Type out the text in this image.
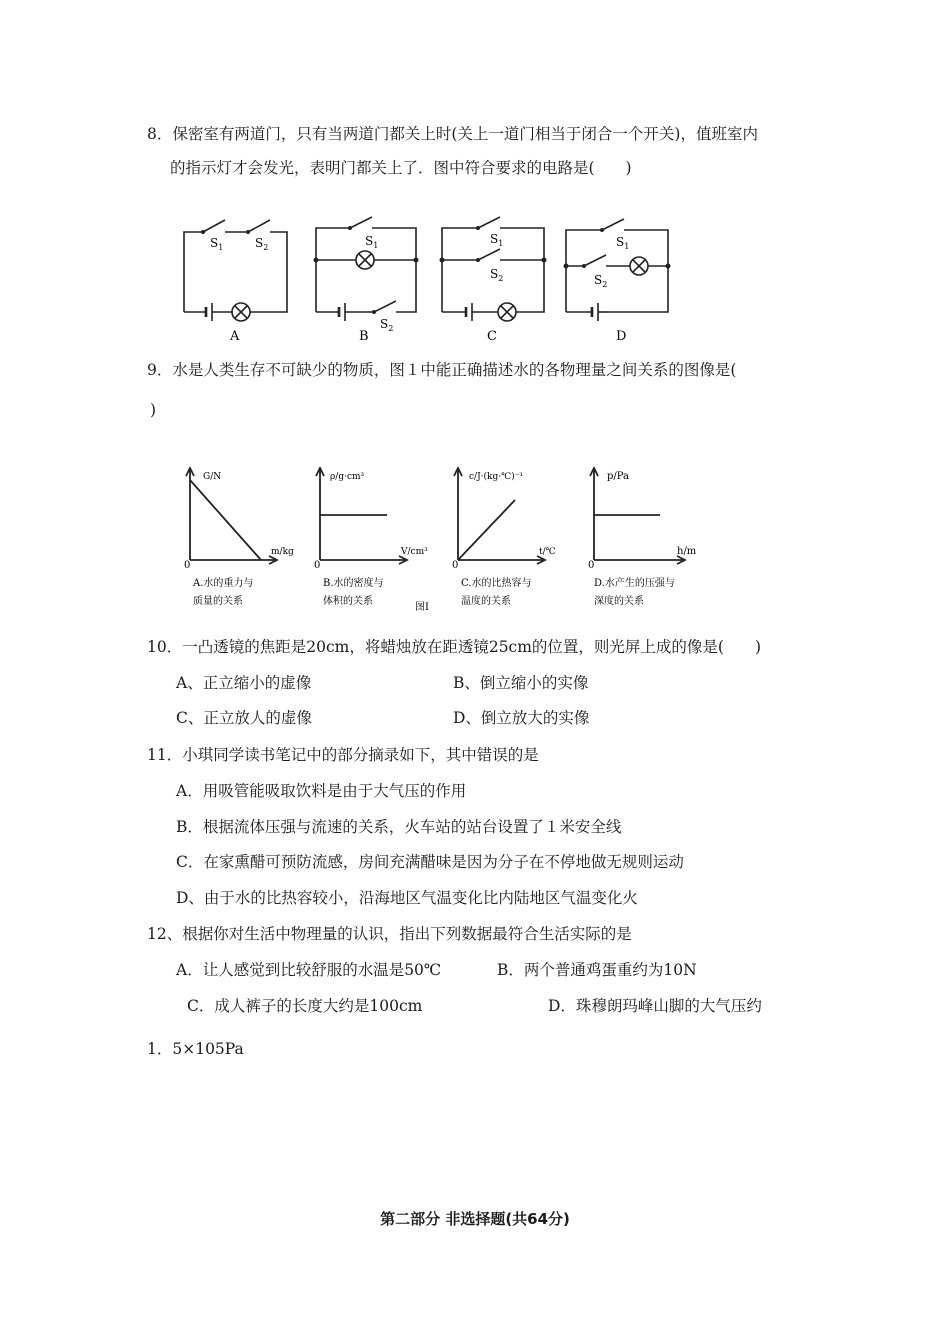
8．保密室有两道门，只有当两道门都关上时(关上一道门相当于闭合一个开关)，值班室内
的指示灯才会发光，表明门都关上了．图中符合要求的电路是(　　)
$S_1$	$S_2$
A
$S_1$
$S_2$
B
$S_1$
$S_2$
C
$S_1$
$S_2$
D
9．水是人类生存不可缺少的物质，图１中能正确描述水的各物理量之间关系的图像是(
)
G/N
m/kg
0
A.水的重力与
质量的关系
ρ/g·cm³
V/cm³
0
B.水的密度与
体积的关系
c/J·(kg·℃)⁻¹
t/℃
0
C.水的比热容与
温度的关系
p/Pa
h/m
0
D.水产生的压强与
深度的关系
图Ⅰ
10．一凸透镜的焦距是20cm，将蜡烛放在距透镜25cm的位置，则光屏上成的像是(　　)
A、正立缩小的虚像	B、倒立缩小的实像
C、正立放人的虚像	D、倒立放大的实像
11．小琪同学读书笔记中的部分摘录如下，其中错误的是
A．用吸管能吸取饮料是由于大气压的作用
B．根据流体压强与流速的关系，火车站的站台设置了１米安全线
C．在家熏醋可预防流感，房间充满醋味是因为分子在不停地做无规则运动
D、由于水的比热容较小，沿海地区气温变化比内陆地区气温变化火
12、根据你对生活中物理量的认识，指出下列数据最符合生活实际的是
A．让人感觉到比较舒服的水温是50℃	B．两个普通鸡蛋重约为10N
C．成人裤子的长度大约是100cm	D．珠穆朗玛峰山脚的大气压约
1．5×105Pa
第二部分 非选择题(共64分)
